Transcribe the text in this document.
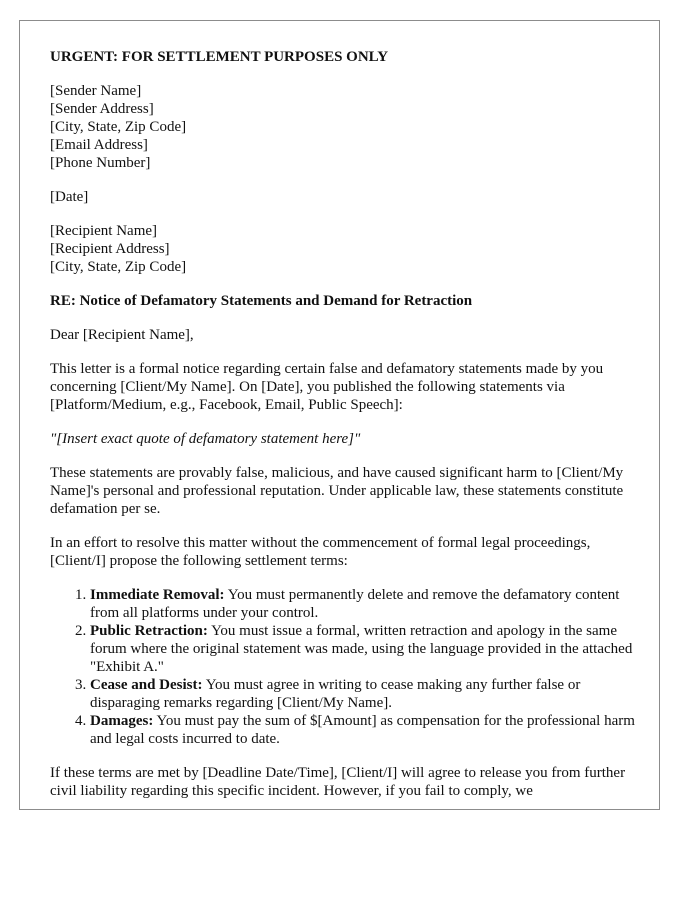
URGENT: FOR SETTLEMENT PURPOSES ONLY
[Sender Name]
[Sender Address]
[City, State, Zip Code]
[Email Address]
[Phone Number]
[Date]
[Recipient Name]
[Recipient Address]
[City, State, Zip Code]
RE: Notice of Defamatory Statements and Demand for Retraction
Dear [Recipient Name],
This letter is a formal notice regarding certain false and defamatory statements made by you concerning [Client/My Name]. On [Date], you published the following statements via [Platform/Medium, e.g., Facebook, Email, Public Speech]:
"[Insert exact quote of defamatory statement here]"
These statements are provably false, malicious, and have caused significant harm to [Client/My Name]'s personal and professional reputation. Under applicable law, these statements constitute defamation per se.
In an effort to resolve this matter without the commencement of formal legal proceedings, [Client/I] propose the following settlement terms:
1. Immediate Removal: You must permanently delete and remove the defamatory content from all platforms under your control.
2. Public Retraction: You must issue a formal, written retraction and apology in the same forum where the original statement was made, using the language provided in the attached "Exhibit A."
3. Cease and Desist: You must agree in writing to cease making any further false or disparaging remarks regarding [Client/My Name].
4. Damages: You must pay the sum of $[Amount] as compensation for the professional harm and legal costs incurred to date.
If these terms are met by [Deadline Date/Time], [Client/I] will agree to release you from further civil liability regarding this specific incident. However, if you fail to comply, we
